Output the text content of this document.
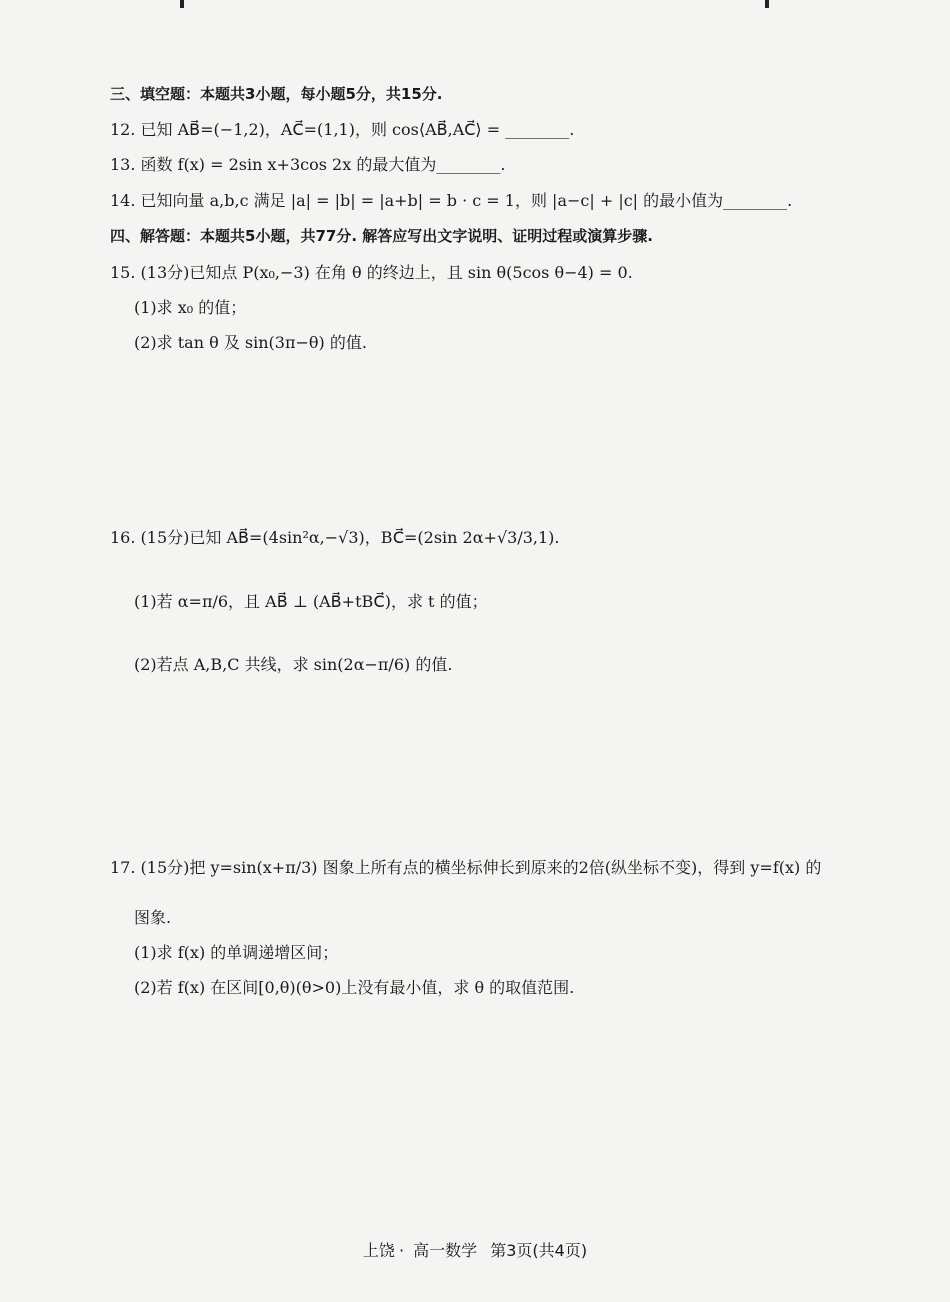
三、填空题：本题共3小题，每小题5分，共15分.
12. 已知 AB⃗=(−1,2)，AC⃗=(1,1)，则 cos⟨AB⃗,AC⃗⟩ = ________.
13. 函数 f(x) = 2sin x+3cos 2x 的最大值为________.
14. 已知向量 a,b,c 满足 |a| = |b| = |a+b| = b · c = 1，则 |a−c| + |c| 的最小值为________.
四、解答题：本题共5小题，共77分. 解答应写出文字说明、证明过程或演算步骤.
15. (13分)已知点 P(x₀,−3) 在角 θ 的终边上，且 sin θ(5cos θ−4) = 0.
(1)求 x₀ 的值；
(2)求 tan θ 及 sin(3π−θ) 的值.
16. (15分)已知 AB⃗=(4sin²α,−√3)，BC⃗=(2sin 2α+√3/3,1).
(1)若 α=π/6，且 AB⃗ ⊥ (AB⃗+tBC⃗)，求 t 的值；
(2)若点 A,B,C 共线，求 sin(2α−π/6) 的值.
17. (15分)把 y=sin(x+π/3) 图象上所有点的横坐标伸长到原来的2倍(纵坐标不变)，得到 y=f(x) 的
图象.
(1)求 f(x) 的单调递增区间；
(2)若 f(x) 在区间[0,θ)(θ>0)上没有最小值，求 θ 的取值范围.
上饶 · 高一数学 第3页(共4页)
